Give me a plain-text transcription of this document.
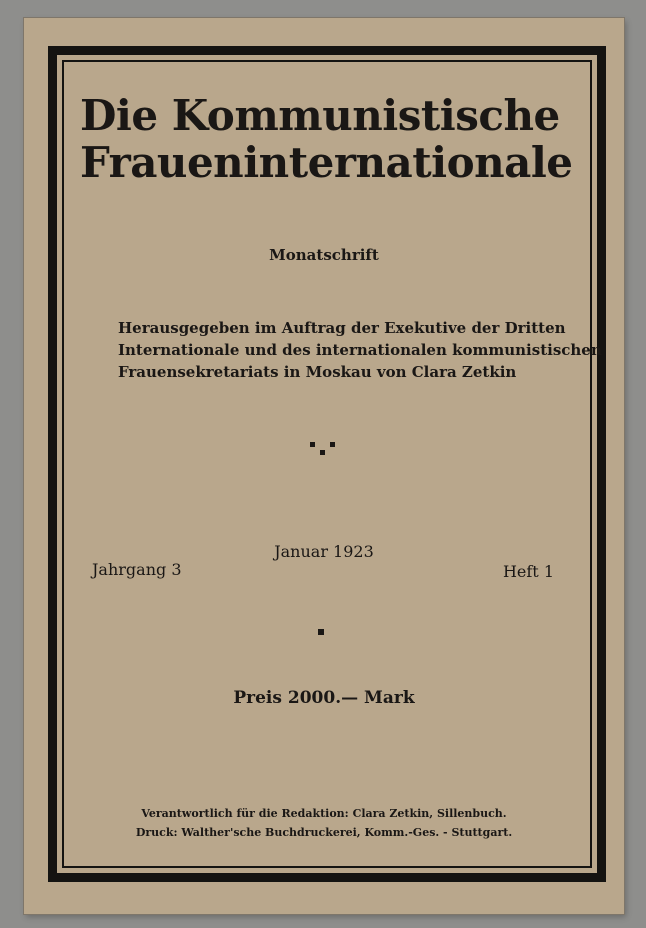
Die Kommunistische
Fraueninternationale
Monatschrift
Herausgegeben im Auftrag der Exekutive der Dritten
Internationale und des internationalen kommunistischen
Frauensekretariats in Moskau von Clara Zetkin
Januar 1923
Jahrgang 3	Heft 1
Preis 2000.— Mark
Verantwortlich für die Redaktion: Clara Zetkin, Sillenbuch.
Druck: Walther'sche Buchdruckerei, Komm.-Ges. - Stuttgart.
